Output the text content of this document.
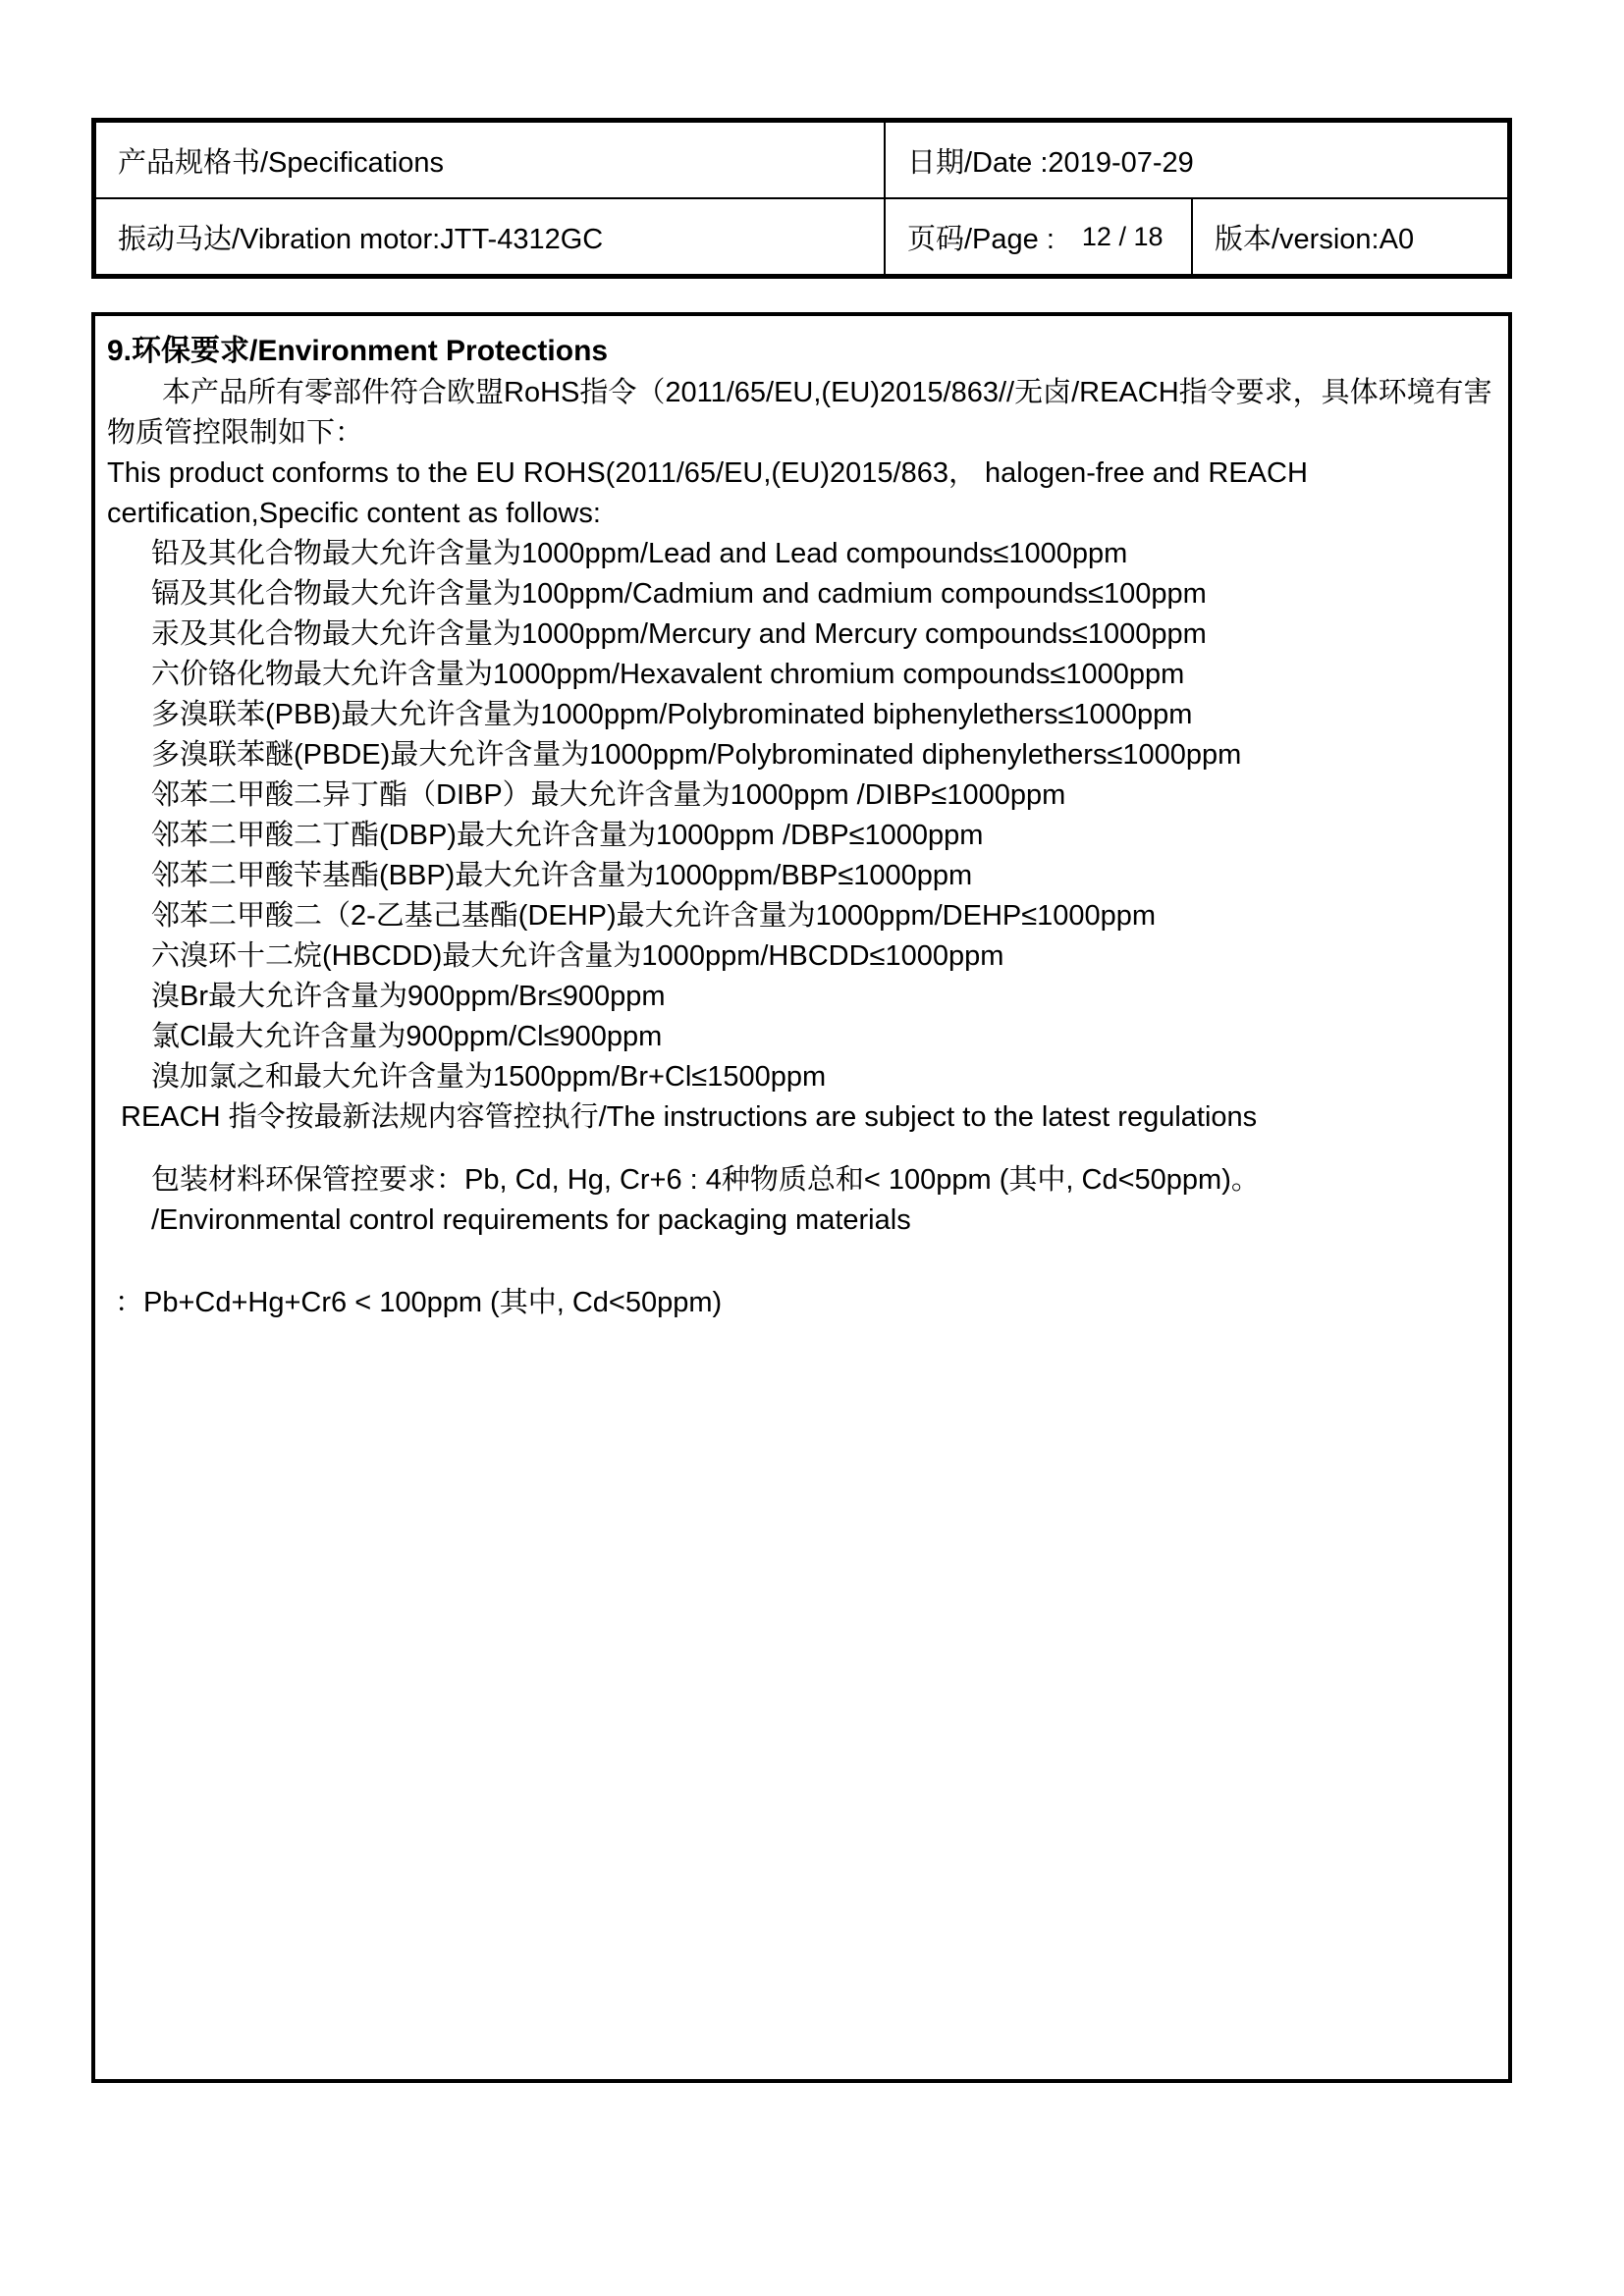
产品规格书/Specifications	日期/Date :2019-07-29
振动马达/Vibration motor:JTT-4312GC	页码/Page : 12 / 18	版本/version:A0
9.环保要求/Environment Protections

本产品所有零部件符合欧盟RoHS指令（2011/65/EU,(EU)2015/863//无卤/REACH指令要求，具体环境有害物质管控限制如下：

This product conforms to the EU ROHS(2011/65/EU,(EU)2015/863， halogen-free and REACH certification,Specific content as follows:

铅及其化合物最大允许含量为1000ppm/Lead and Lead compounds≤1000ppm

镉及其化合物最大允许含量为100ppm/Cadmium and cadmium compounds≤100ppm

汞及其化合物最大允许含量为1000ppm/Mercury and Mercury compounds≤1000ppm

六价铬化物最大允许含量为1000ppm/Hexavalent chromium compounds≤1000ppm

多溴联苯(PBB)最大允许含量为1000ppm/Polybrominated biphenylethers≤1000ppm

多溴联苯醚(PBDE)最大允许含量为1000ppm/Polybrominated diphenylethers≤1000ppm

邻苯二甲酸二异丁酯（DIBP）最大允许含量为1000ppm /DIBP≤1000ppm

邻苯二甲酸二丁酯(DBP)最大允许含量为1000ppm /DBP≤1000ppm

邻苯二甲酸苄基酯(BBP)最大允许含量为1000ppm/BBP≤1000ppm

邻苯二甲酸二（2-乙基己基酯(DEHP)最大允许含量为1000ppm/DEHP≤1000ppm

六溴环十二烷(HBCDD)最大允许含量为1000ppm/HBCDD≤1000ppm

溴Br最大允许含量为900ppm/Br≤900ppm

氯Cl最大允许含量为900ppm/Cl≤900ppm

溴加氯之和最大允许含量为1500ppm/Br+Cl≤1500ppm

REACH 指令按最新法规内容管控执行/The instructions are subject to the latest regulations

包装材料环保管控要求：Pb, Cd, Hg, Cr+6 : 4种物质总和< 100ppm (其中, Cd<50ppm)。

/Environmental control requirements for packaging materials

：Pb+Cd+Hg+Cr6 < 100ppm (其中, Cd<50ppm)
